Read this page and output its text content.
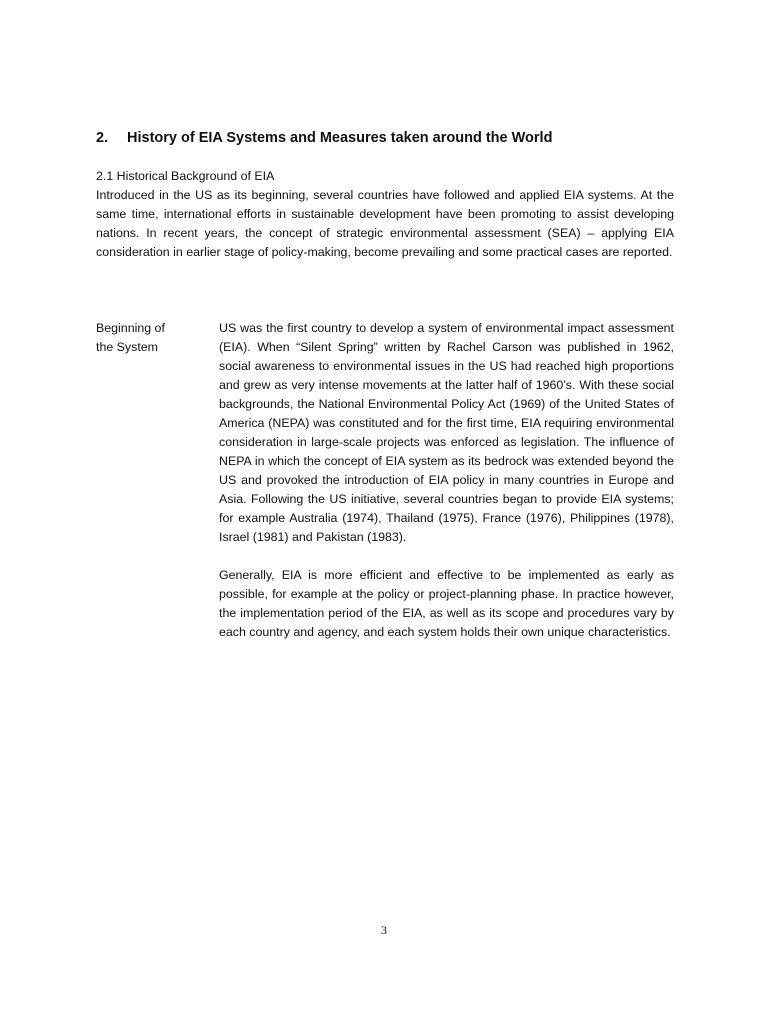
2. History of EIA Systems and Measures taken around the World

2.1 Historical Background of EIA

Introduced in the US as its beginning, several countries have followed and applied EIA systems. At the same time, international efforts in sustainable development have been promoting to assist developing nations. In recent years, the concept of strategic environmental assessment (SEA) – applying EIA consideration in earlier stage of policy-making, become prevailing and some practical cases are reported.

Beginning of
the System

US was the first country to develop a system of environmental impact assessment (EIA). When “Silent Spring” written by Rachel Carson was published in 1962, social awareness to environmental issues in the US had reached high proportions and grew as very intense movements at the latter half of 1960’s. With these social backgrounds, the National Environmental Policy Act (1969) of the United States of America (NEPA) was constituted and for the first time, EIA requiring environmental consideration in large-scale projects was enforced as legislation. The influence of NEPA in which the concept of EIA system as its bedrock was extended beyond the US and provoked the introduction of EIA policy in many countries in Europe and Asia. Following the US initiative, several countries began to provide EIA systems; for example Australia (1974), Thailand (1975), France (1976), Philippines (1978), Israel (1981) and Pakistan (1983).

Generally, EIA is more efficient and effective to be implemented as early as possible, for example at the policy or project-planning phase. In practice however, the implementation period of the EIA, as well as its scope and procedures vary by each country and agency, and each system holds their own unique characteristics.

3
